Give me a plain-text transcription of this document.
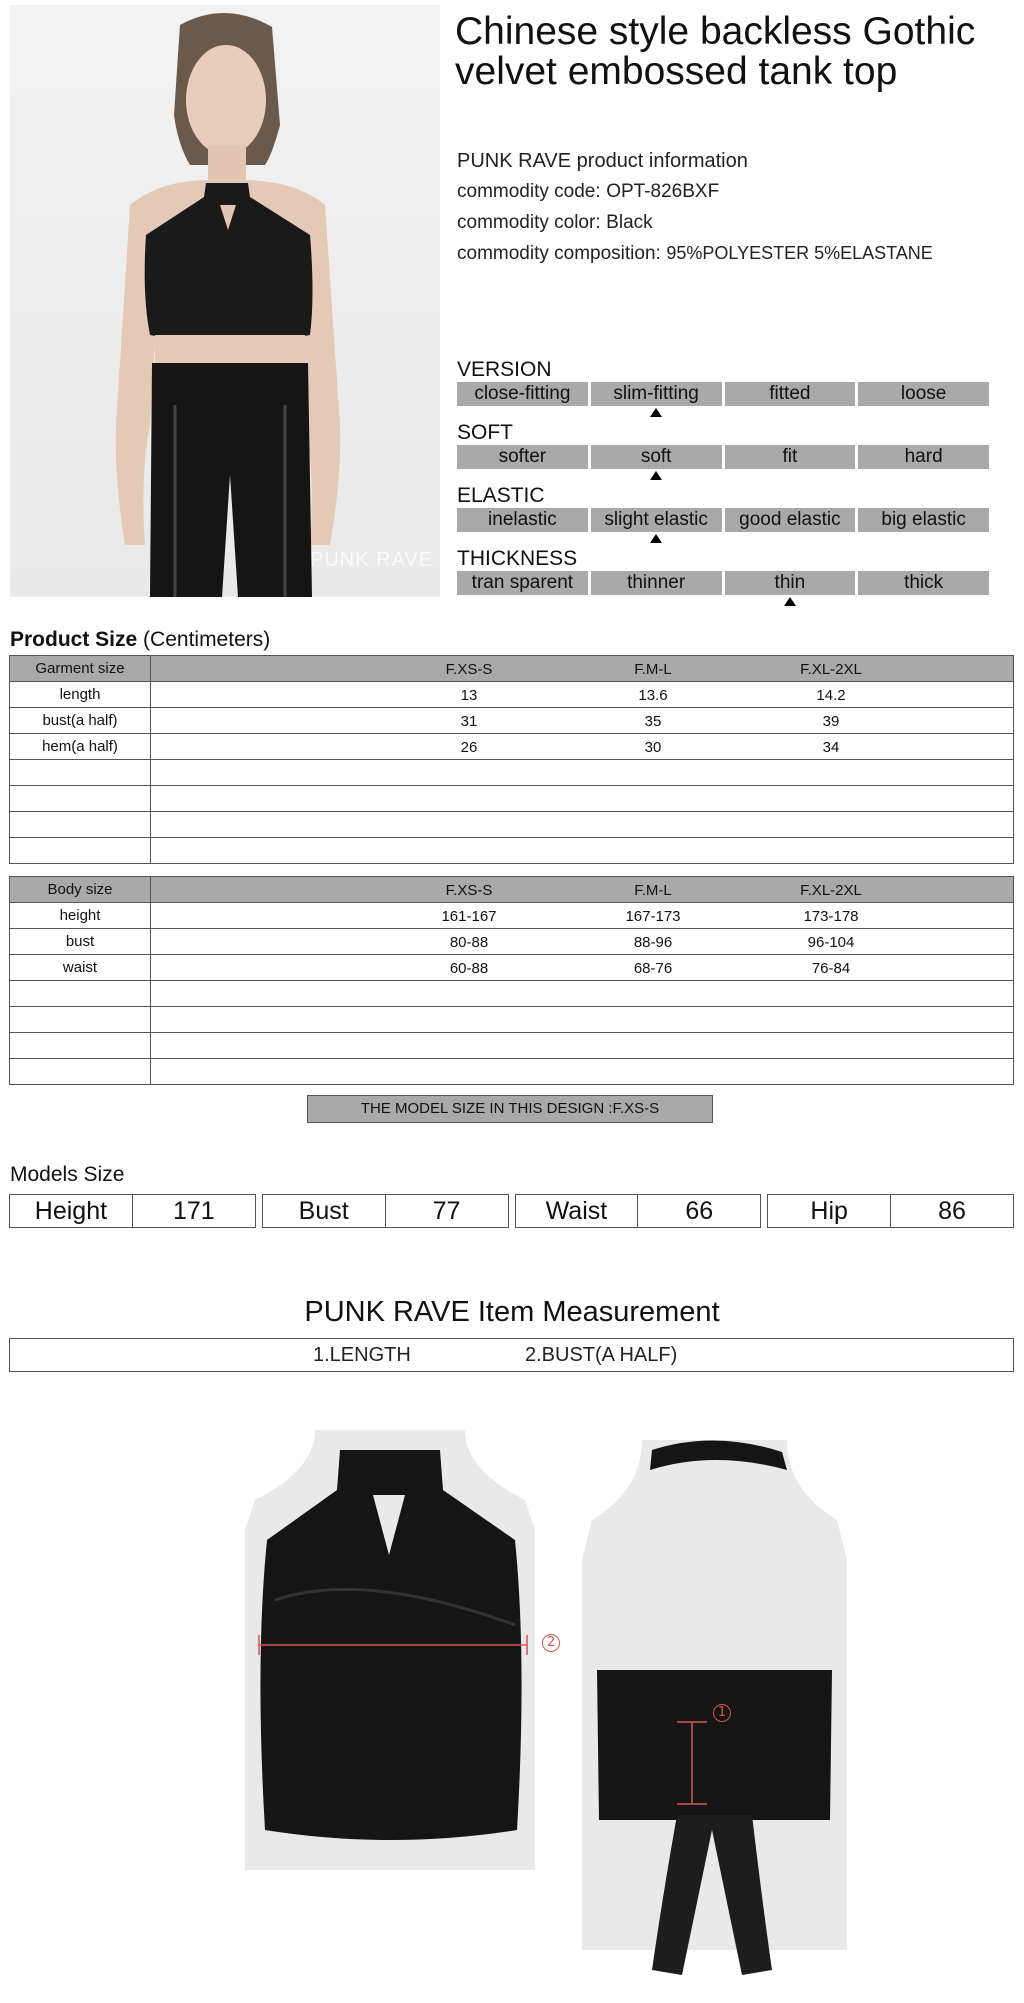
PUNK RAVE
Chinese style backless Gothic velvet embossed tank top
PUNK RAVE product information
commodity code: OPT-826BXF
commodity color: Black
commodity composition: 95%POLYESTER 5%ELASTANE
VERSION
close-fitting	slim-fitting	fitted	loose
SOFT
softer	soft	fit	hard
ELASTIC
inelastic	slight elastic	good elastic	big elastic
THICKNESS
tran sparent	thinner	thin	thick
Product Size (Centimeters)
Garment size	F.XS-S F.M-L F.XL-2XL

length	13 13.6 14.2

bust(a half)	31 35 39

hem(a half)	26 30 34

Body size	F.XS-S F.M-L F.XL-2XL

height	161-167 167-173 173-178

bust	80-88 88-96 96-104

waist	60-88 68-76 76-84

THE MODEL SIZE IN THIS DESIGN :F.XS-S
Models Size
Height	171	Bust	77	Waist	66	Hip	86
PUNK RAVE Item Measurement
1.LENGTH	2.BUST(A HALF)
2
1
